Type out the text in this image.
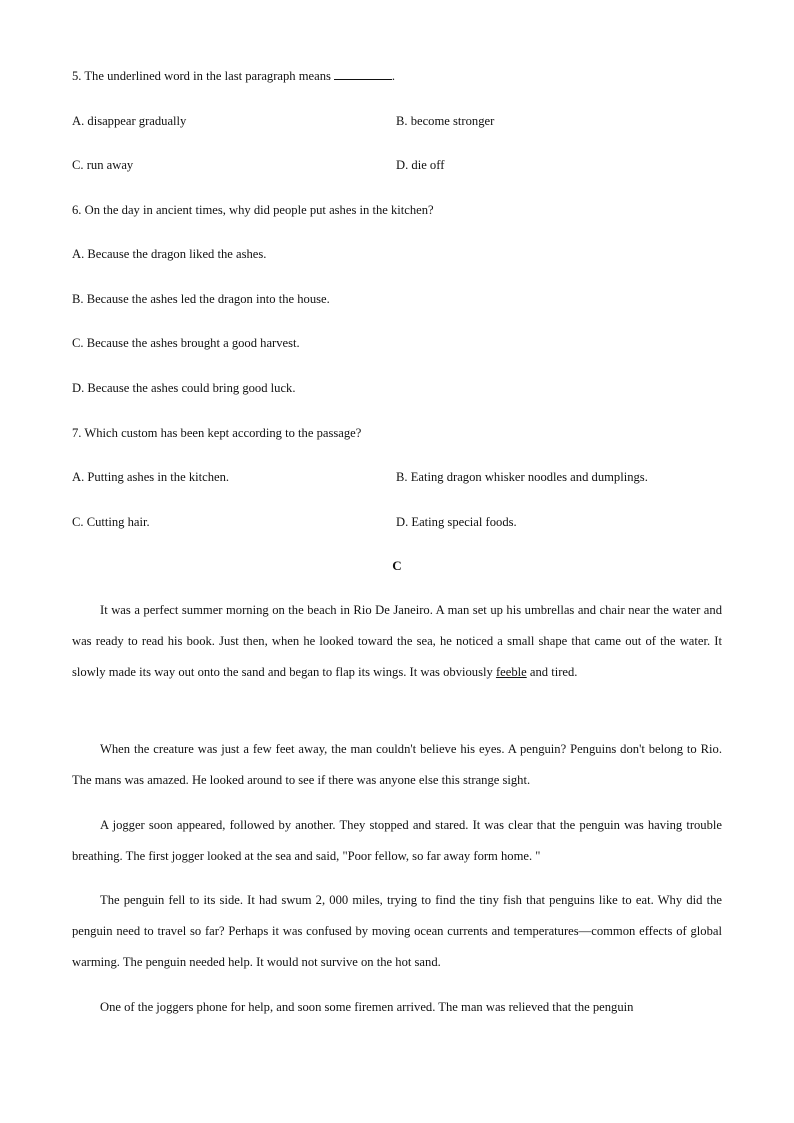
5. The underlined word in the last paragraph means	.
A. disappear gradually	B. become stronger
C. run away	D. die off
6. On the day in ancient times, why did people put ashes in the kitchen?
A. Because the dragon liked the ashes.
B. Because the ashes led the dragon into the house.
C. Because the ashes brought a good harvest.
D. Because the ashes could bring good luck.
7. Which custom has been kept according to the passage?
A. Putting ashes in the kitchen.	B. Eating dragon whisker noodles and dumplings.
C. Cutting hair.	D. Eating special foods.
C

It was a perfect summer morning on the beach in Rio De Janeiro. A man set up his umbrellas and chair near the water and was ready to read his book. Just then, when he looked toward the sea, he noticed a small shape that came out of the water. It slowly made its way out onto the sand and began to flap its wings. It was obviously feeble and tired.

When the creature was just a few feet away, the man couldn't believe his eyes. A penguin? Penguins don't belong to Rio. The mans was amazed. He looked around to see if there was anyone else this strange sight.

A jogger soon appeared, followed by another. They stopped and stared. It was clear that the penguin was having trouble breathing. The first jogger looked at the sea and said, "Poor fellow, so far away form home. "

The penguin fell to its side. It had swum 2, 000 miles, trying to find the tiny fish that penguins like to eat. Why did the penguin need to travel so far? Perhaps it was confused by moving ocean currents and temperatures—common effects of global warming. The penguin needed help. It would not survive on the hot sand.

One of the joggers phone for help, and soon some firemen arrived. The man was relieved that the penguin
